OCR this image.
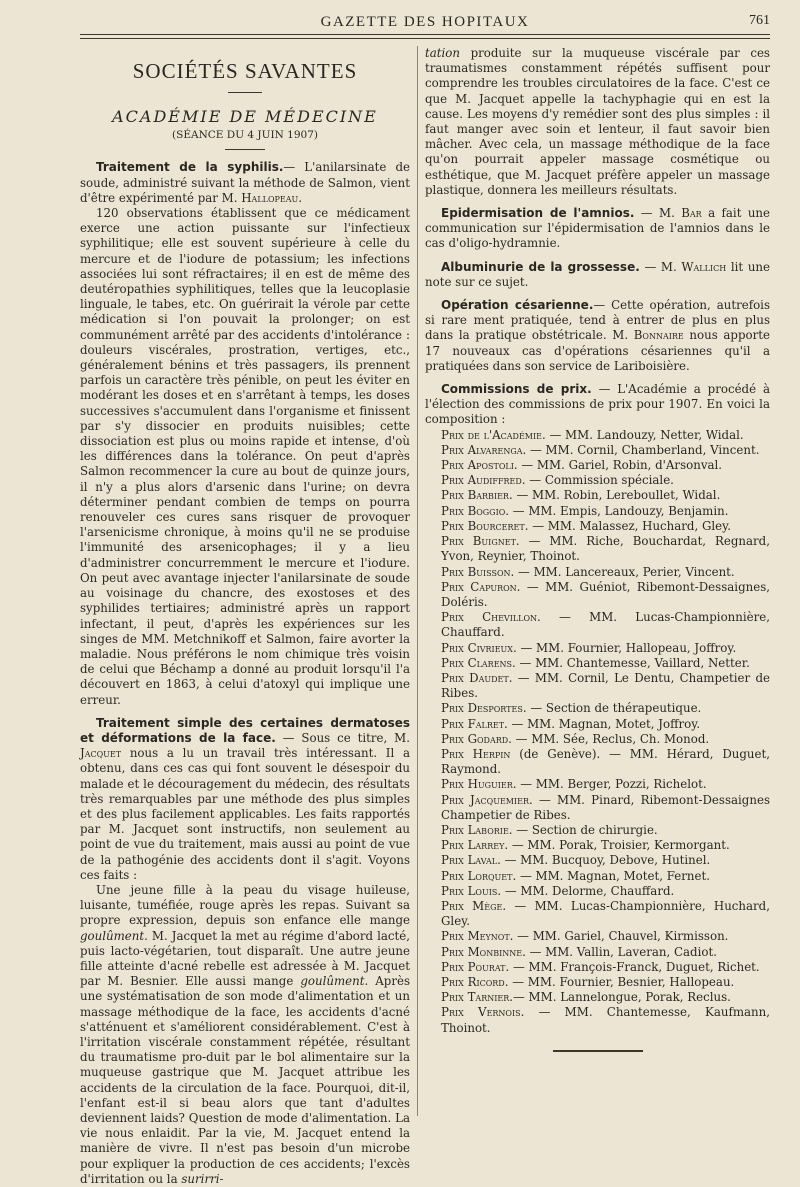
GAZETTE DES HOPITAUX	761
SOCIÉTÉS SAVANTES
ACADÉMIE DE MÉDECINE
(SÉANCE DU 4 JUIN 1907)

Traitement de la syphilis.— L'anilarsinate de soude, administré suivant la méthode de Salmon, vient d'être expérimenté par M. Hallopeau.

120 observations établissent que ce médicament exerce une action puissante sur l'infectieux syphilitique; elle est souvent supérieure à celle du mercure et de l'iodure de potassium; les infections associées lui sont réfractaires; il en est de même des deutéropathies syphilitiques, telles que la leucoplasie linguale, le tabes, etc. On guérirait la vérole par cette médication si l'on pouvait la prolonger; on est communément arrêté par des accidents d'intolérance : douleurs viscérales, prostration, vertiges, etc., généralement bénins et très passagers, ils prennent parfois un caractère très pénible, on peut les éviter en modérant les doses et en s'arrêtant à temps, les doses successives s'accumulent dans l'organisme et finissent par s'y dissocier en produits nuisibles; cette dissociation est plus ou moins rapide et intense, d'où les différences dans la tolérance. On peut d'après Salmon recommencer la cure au bout de quinze jours, il n'y a plus alors d'arsenic dans l'urine; on devra déterminer pendant combien de temps on pourra renouveler ces cures sans risquer de provoquer l'arsenicisme chronique, à moins qu'il ne se produise l'immunité des arsenicophages; il y a lieu d'administrer concurremment le mercure et l'iodure. On peut avec avantage injecter l'anilarsinate de soude au voisinage du chancre, des exostoses et des syphilides tertiaires; administré après un rapport infectant, il peut, d'après les expériences sur les singes de MM. Metchnikoff et Salmon, faire avorter la maladie. Nous préférons le nom chimique très voisin de celui que Béchamp a donné au produit lorsqu'il l'a découvert en 1863, à celui d'atoxyl qui implique une erreur.

Traitement simple des certaines dermatoses et déformations de la face. — Sous ce titre, M. Jacquet nous a lu un travail très intéressant. Il a obtenu, dans ces cas qui font souvent le désespoir du malade et le découragement du médecin, des résultats très remarquables par une méthode des plus simples et des plus facilement applicables. Les faits rapportés par M. Jacquet sont instructifs, non seulement au point de vue du traitement, mais aussi au point de vue de la pathogénie des accidents dont il s'agit. Voyons ces faits :

Une jeune fille à la peau du visage huileuse, luisante, tuméfiée, rouge après les repas. Suivant sa propre expression, depuis son enfance elle mange goulûment. M. Jacquet la met au régime d'abord lacté, puis lacto-végétarien, tout disparaît. Une autre jeune fille atteinte d'acné rebelle est adressée à M. Jacquet par M. Besnier. Elle aussi mange goulûment. Après une systématisation de son mode d'alimentation et un massage méthodique de la face, les accidents d'acné s'atténuent et s'améliorent considérablement. C'est à l'irritation viscérale constamment répétée, résultant du traumatisme pro-duit par le bol alimentaire sur la muqueuse gastrique que M. Jacquet attribue les accidents de la circulation de la face. Pourquoi, dit-il, l'enfant est-il si beau alors que tant d'adultes deviennent laids? Question de mode d'alimentation. La vie nous enlaidit. Par la vie, M. Jacquet entend la manière de vivre. Il n'est pas besoin d'un microbe pour expliquer la production de ces accidents; l'excès d'irritation ou la surirri-

tation produite sur la muqueuse viscérale par ces traumatismes constamment répétés suffisent pour comprendre les troubles circulatoires de la face. C'est ce que M. Jacquet appelle la tachyphagie qui en est la cause. Les moyens d'y remédier sont des plus simples : il faut manger avec soin et lenteur, il faut savoir bien mâcher. Avec cela, un massage méthodique de la face qu'on pourrait appeler massage cosmétique ou esthétique, que M. Jacquet préfère appeler un massage plastique, donnera les meilleurs résultats.

Epidermisation de l'amnios. — M. Bar a fait une communication sur l'épidermisation de l'amnios dans le cas d'oligo-hydramnie.

Albuminurie de la grossesse. — M. Wallich lit une note sur ce sujet.

Opération césarienne.— Cette opération, autrefois si rare ment pratiquée, tend à entrer de plus en plus dans la pratique obstétricale. M. Bonnaire nous apporte 17 nouveaux cas d'opérations césariennes qu'il a pratiquées dans son service de Lariboisière.

Commissions de prix. — L'Académie a procédé à l'élection des commissions de prix pour 1907. En voici la composition :

Prix de l'Académie. — MM. Landouzy, Netter, Widal.

Prix Alvarenga. — MM. Cornil, Chamberland, Vincent.

Prix Apostoli. — MM. Gariel, Robin, d'Arsonval.

Prix Audiffred. — Commission spéciale.

Prix Barbier. — MM. Robin, Lereboullet, Widal.

Prix Boggio. — MM. Empis, Landouzy, Benjamin.

Prix Bourceret. — MM. Malassez, Huchard, Gley.

Prix Buignet. — MM. Riche, Bouchardat, Regnard, Yvon, Reynier, Thoinot.

Prix Buisson. — MM. Lancereaux, Perier, Vincent.

Prix Capuron. — MM. Guéniot, Ribemont-Dessaignes, Doléris.

Prix Chevillon. — MM. Lucas-Championnière, Chauffard.

Prix Civrieux. — MM. Fournier, Hallopeau, Joffroy.

Prix Clarens. — MM. Chantemesse, Vaillard, Netter.

Prix Daudet. — MM. Cornil, Le Dentu, Champetier de Ribes.

Prix Desportes. — Section de thérapeutique.

Prix Falret. — MM. Magnan, Motet, Joffroy.

Prix Godard. — MM. Sée, Reclus, Ch. Monod.

Prix Herpin (de Genève). — MM. Hérard, Duguet, Raymond.

Prix Huguier. — MM. Berger, Pozzi, Richelot.

Prix Jacquemier. — MM. Pinard, Ribemont-Dessaignes Champetier de Ribes.

Prix Laborie. — Section de chirurgie.

Prix Larrey. — MM. Porak, Troisier, Kermorgant.

Prix Laval. — MM. Bucquoy, Debove, Hutinel.

Prix Lorquet. — MM. Magnan, Motet, Fernet.

Prix Louis. — MM. Delorme, Chauffard.

Prix Mège. — MM. Lucas-Championnière, Huchard, Gley.

Prix Meynot. — MM. Gariel, Chauvel, Kirmisson.

Prix Monbinne. — MM. Vallin, Laveran, Cadiot.

Prix Pourat. — MM. François-Franck, Duguet, Richet.

Prix Ricord. — MM. Fournier, Besnier, Hallopeau.

Prix Tarnier.— MM. Lannelongue, Porak, Reclus.

Prix Vernois. — MM. Chantemesse, Kaufmann, Thoinot.
